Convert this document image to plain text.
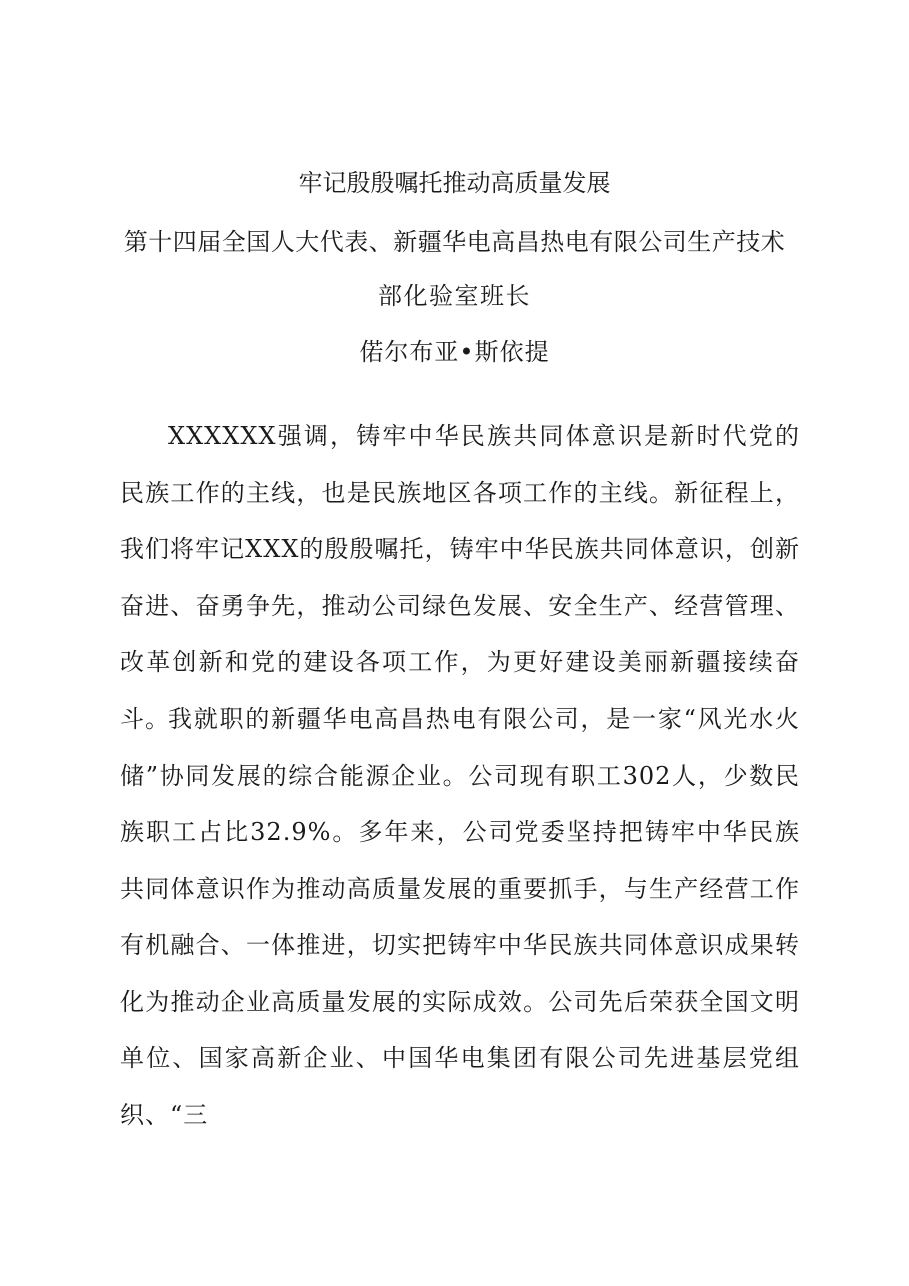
牢记殷殷嘱托推动高质量发展
第十四届全国人大代表、新疆华电高昌热电有限公司生产技术
部化验室班长
偌尔布亚•斯依提

XXXXXX强调，铸牢中华民族共同体意识是新时代党的民族工作的主线，也是民族地区各项工作的主线。新征程上，我们将牢记XXX的殷殷嘱托，铸牢中华民族共同体意识，创新奋进、奋勇争先，推动公司绿色发展、安全生产、经营管理、改革创新和党的建设各项工作，为更好建设美丽新疆接续奋斗。

我就职的新疆华电高昌热电有限公司，是一家“风光水火储”协同发展的综合能源企业。公司现有职工302人，少数民族职工占比32.9%。多年来，公司党委坚持把铸牢中华民族共同体意识作为推动高质量发展的重要抓手，与生产经营工作有机融合、一体推进，切实把铸牢中华民族共同体意识成果转化为推动企业高质量发展的实际成效。公司先后荣获全国文明单位、国家高新企业、中国华电集团有限公司先进基层党组织、“三
